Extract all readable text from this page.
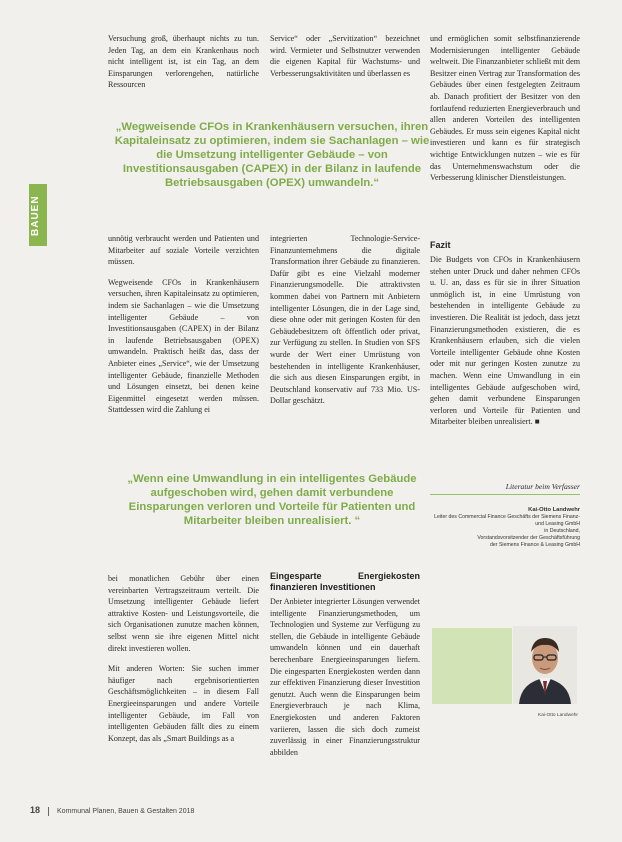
BAUEN

Versuchung groß, überhaupt nichts zu tun. Jeden Tag, an dem ein Krankenhaus noch nicht intelligent ist, ist ein Tag, an dem Einsparungen verlorengehen, natürliche Ressourcen

Service“ oder „Servitization“ bezeichnet wird. Vermieter und Selbstnutzer verwenden die eigenen Kapital für Wachstums- und Verbesserungsaktivitäten und überlassen es

und ermöglichen somit selbstfinanzierende Modernisierungen intelligenter Gebäude weltweit. Die Finanzanbieter schließt mit dem Besitzer einen Vertrag zur Transformation des Gebäudes über einen festgelegten Zeitraum ab. Danach profitiert der Besitzer von den fortlaufend reduzierten Energieverbrauch und allen anderen Vorteilen des intelligenten Gebäudes. Er muss sein eigenes Kapital nicht investieren und kann es für strategisch wichtige Entwicklungen nutzen – wie es für das Unternehmenswachstum oder die Verbesserung klinischer Dienstleistungen.

„Wegweisende CFOs in Krankenhäusern versuchen, ihren Kapitaleinsatz zu optimieren, indem sie Sachanlagen – wie die Umsetzung intelligenter Gebäude – von Investitionsausgaben (CAPEX) in der Bilanz in laufende Betriebsausgaben (OPEX) umwandeln.“

unnötig verbraucht werden und Patienten und Mitarbeiter auf soziale Vorteile verzichten müssen.

Wegweisende CFOs in Krankenhäusern versuchen, ihren Kapitaleinsatz zu optimieren, indem sie Sachanlagen – wie die Umsetzung intelligenter Gebäude – von Investitionsausgaben (CAPEX) in der Bilanz in laufende Betriebsausgaben (OPEX) umwandeln. Praktisch heißt das, dass der Anbieter eines „Service“, wie der Umsetzung intelligenter Gebäude, finanzielle Methoden und Lösungen einsetzt, bei denen keine Eigenmittel eingesetzt werden müssen. Stattdessen wird die Zahlung ei

integrierten Technologie-Service-Finanzunternehmens die digitale Transformation ihrer Gebäude zu finanzieren. Dafür gibt es eine Vielzahl moderner Finanzierungsmodelle. Die attraktivsten kommen dabei von Partnern mit Anbietern intelligenter Lösungen, die in der Lage sind, diese ohne oder mit geringen Kosten für den Gebäudebesitzern oft öffentlich oder privat, zur Verfügung zu stellen. In Studien von SFS wurde der Wert einer Umrüstung von bestehenden in intelligente Krankenhäuser, die sich aus diesen Einsparungen ergibt, in Deutschland konservativ auf 733 Mio. US-Dollar geschätzt.

Fazit

Die Budgets von CFOs in Krankenhäusern stehen unter Druck und daher nehmen CFOs u. U. an, dass es für sie in ihrer Situation unmöglich ist, in eine Umrüstung von bestehenden in intelligente Gebäude zu investieren. Die Realität ist jedoch, dass jetzt Finanzierungsmethoden existieren, die es Krankenhäusern erlauben, sich die vielen Vorteile intelligenter Gebäude ohne Kosten oder mit nur geringen Kosten zunutze zu machen. Wenn eine Umwandlung in ein intelligentes Gebäude aufgeschoben wird, gehen damit verbundene Einsparungen verloren und Vorteile für Patienten und Mitarbeiter bleiben unrealisiert. ■

Literatur beim Verfasser
„Wenn eine Umwandlung in ein intelligentes Gebäude aufgeschoben wird, gehen damit verbundene Einsparungen verloren und Vorteile für Patienten und Mitarbeiter bleiben unrealisiert. “

bei monatlichen Gebühr über einen vereinbarten Vertragszeitraum verteilt. Die Umsetzung intelligenter Gebäude liefert attraktive Kosten- und Leistungsvorteile, die sich Organisationen zunutze machen können, selbst wenn sie ihre eigenen Mittel nicht direkt investieren wollen.

Mit anderen Worten: Sie suchen immer häufiger nach ergebnisorientierten Geschäftsmöglichkeiten – in diesem Fall Energieeinsparungen und andere Vorteile intelligenter Gebäude, im Fall von intelligenten Gebäuden fällt dies zu einem Konzept, das als „Smart Buildings as a

Eingesparte Energiekosten finanzieren Investitionen

Der Anbieter integrierter Lösungen verwendet intelligente Finanzierungsmethoden, um Technologien und Systeme zur Verfügung zu stellen, die Gebäude in intelligente Gebäude umwandeln können und ein dauerhaft berechenbare Energieeinsparungen liefern. Die eingesparten Energiekosten werden dann zur effektiven Finanzierung dieser Investition genutzt. Auch wenn die Einsparungen beim Energieverbrauch je nach Klima, Energiekosten und anderen Faktoren variieren, lassen die sich doch zumeist zuverlässig in einer Finanzierungsstruktur abbilden

Kai-Otto Landwehr
Leiter des Commercial Finance Geschäfts der Siemens Finanz- und Leasing GmbH
in Deutschland,
Vorstandsvorsitzender der Geschäftsführung
der Siemens Finance & Leasing GmbH
Kai-Otto Landwehr
18 Kommunal Planen, Bauen & Gestalten 2018
